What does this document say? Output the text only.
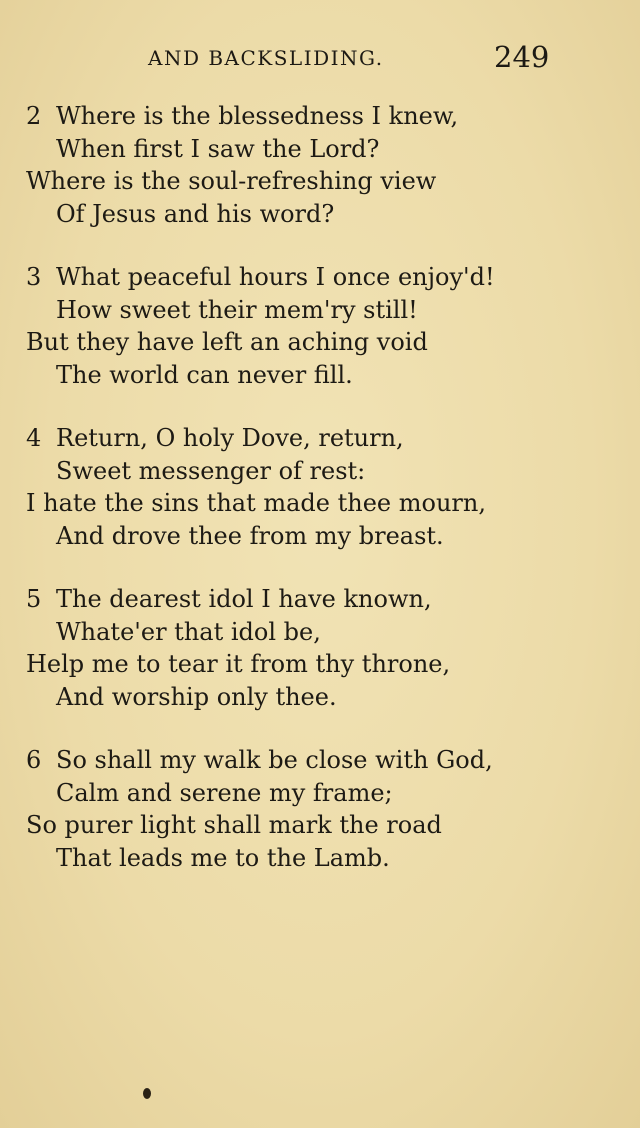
AND BACKSLIDING.	249
2 Where is the blessedness I knew,
When first I saw the Lord?
Where is the soul-refreshing view
Of Jesus and his word?
3 What peaceful hours I once enjoy'd!
How sweet their mem'ry still!
But they have left an aching void
The world can never fill.
4 Return, O holy Dove, return,
Sweet messenger of rest:
I hate the sins that made thee mourn,
And drove thee from my breast.
5 The dearest idol I have known,
Whate'er that idol be,
Help me to tear it from thy throne,
And worship only thee.
6 So shall my walk be close with God,
Calm and serene my frame;
So purer light shall mark the road
That leads me to the Lamb.
